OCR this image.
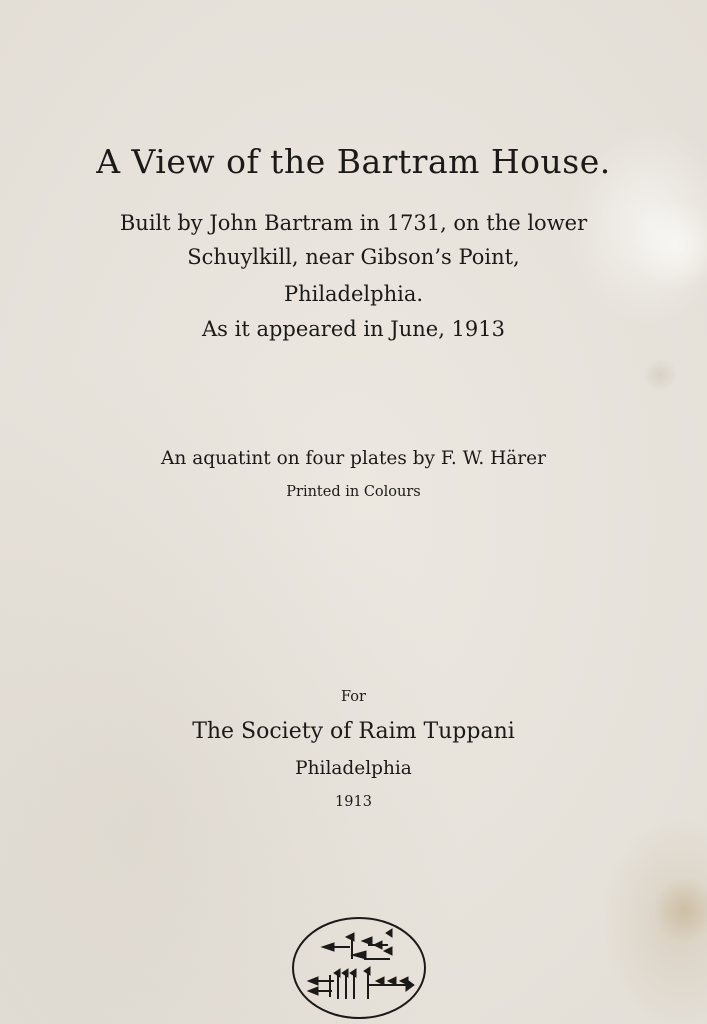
A View of the Bartram House.
Built by John Bartram in 1731, on the lower
Schuylkill, near Gibson’s Point,
Philadelphia.
As it appeared in June, 1913
An aquatint on four plates by F. W. Härer
Printed in Colours
For
The Society of Raim Tuppani
Philadelphia
1913
